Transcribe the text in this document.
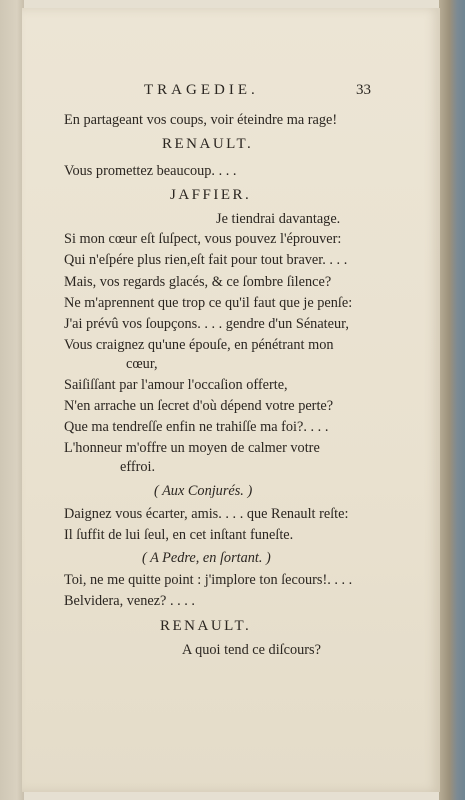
TRAGEDIE.	33
En partageant vos coups, voir éteindre ma rage!
RENAULT.
Vous promettez beaucoup. . . .
JAFFIER.
Je tiendrai davantage.
Si mon cœur eſt ſuſpect, vous pouvez l'éprouver:
Qui n'eſpére plus rien,eſt fait pour tout braver. . . .
Mais, vos regards glacés, & ce ſombre ſilence?
Ne m'aprennent que trop ce qu'il faut que je penſe:
J'ai prévû vos ſoupçons. . . . gendre d'un Sénateur,
Vous craignez qu'une épouſe, en pénétrant mon
cœur,
Saiſiſſant par l'amour l'occaſion offerte,
N'en arrache un ſecret d'où dépend votre perte?
Que ma tendreſſe enfin ne trahiſſe ma foi?. . . .
L'honneur m'offre un moyen de calmer votre
effroi.
( Aux Conjurés. )
Daignez vous écarter, amis. . . . que Renault reſte:
Il ſuffit de lui ſeul, en cet inſtant funeſte.
( A Pedre, en ſortant. )
Toi, ne me quitte point : j'implore ton ſecours!. . . .
Belvidera, venez? . . . .
RENAULT.
A quoi tend ce diſcours?
